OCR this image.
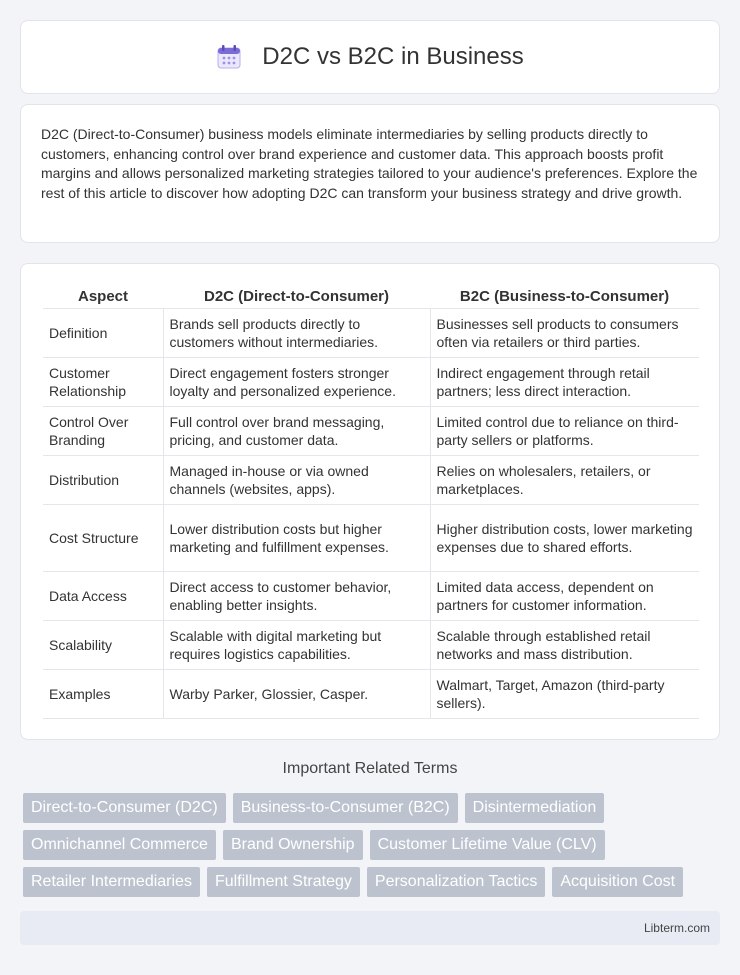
D2C vs B2C in Business

D2C (Direct-to-Consumer) business models eliminate intermediaries by selling products directly to customers, enhancing control over brand experience and customer data. This approach boosts profit margins and allows personalized marketing strategies tailored to your audience's preferences. Explore the rest of this article to discover how adopting D2C can transform your business strategy and drive growth.

Aspect	D2C (Direct-to-Consumer)	B2C (Business-to-Consumer)
Definition	Brands sell products directly to customers without intermediaries.	Businesses sell products to consumers often via retailers or third parties.
Customer Relationship	Direct engagement fosters stronger loyalty and personalized experience.	Indirect engagement through retail partners; less direct interaction.
Control Over Branding	Full control over brand messaging, pricing, and customer data.	Limited control due to reliance on third-party sellers or platforms.
Distribution	Managed in-house or via owned channels (websites, apps).	Relies on wholesalers, retailers, or marketplaces.
Cost Structure	Lower distribution costs but higher marketing and fulfillment expenses.	Higher distribution costs, lower marketing expenses due to shared efforts.
Data Access	Direct access to customer behavior, enabling better insights.	Limited data access, dependent on partners for customer information.
Scalability	Scalable with digital marketing but requires logistics capabilities.	Scalable through established retail networks and mass distribution.
Examples	Warby Parker, Glossier, Casper.	Walmart, Target, Amazon (third-party sellers).
Important Related Terms
Direct-to-Consumer (D2C)	Business-to-Consumer (B2C)	Disintermediation
Omnichannel Commerce	Brand Ownership	Customer Lifetime Value (CLV)
Retailer Intermediaries	Fulfillment Strategy	Personalization Tactics	Acquisition Cost
Libterm.com
